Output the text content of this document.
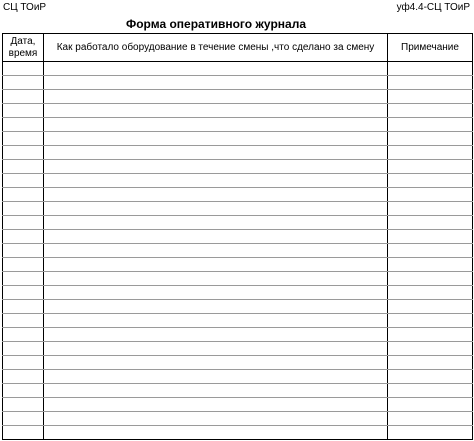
СЦ ТОиР	уф4.4-СЦ ТОиР
Форма оперативного журнала
Дата, время	Как работало оборудование в течение смены ,что сделано за смену	Примечание
